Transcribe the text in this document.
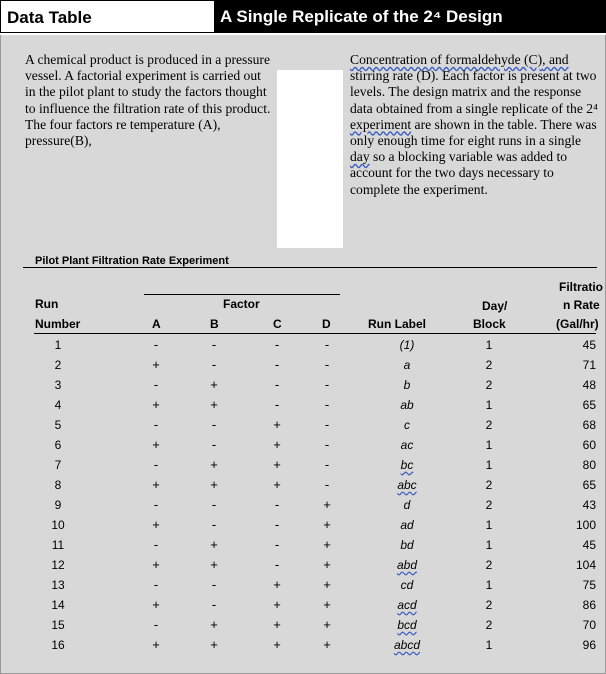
Data Table	A Single Replicate of the 2⁴ Design

A chemical product is produced in a pressure vessel. A factorial experiment is carried out in the pilot plant to study the factors thought to influence the filtration rate of this product. The four factors re temperature (A), pressure(B),

Concentration of formaldehyde (C), and stirring rate (D). Each factor is present at two levels. The design matrix and the response data obtained from a single replicate of the 2⁴ experiment are shown in the table. There was only enough time for eight runs in a single day so a blocking variable was added to account for the two days necessary to complete the experiment.

Pilot Plant Filtration Rate Experiment
Run
Number
Factor
A	B	C	D	Run Label
Day/
Block
Filtratio
n Rate
(Gal/hr)
1	-	-	-	-	(1)	1	45
2	+	-	-	-	a	2	71
3	-	+	-	-	b	2	48
4	+	+	-	-	ab	1	65
5	-	-	+	-	c	2	68
6	+	-	+	-	ac	1	60
7	-	+	+	-	bc	1	80
8	+	+	+	-	abc	2	65
9	-	-	-	+	d	2	43
10	+	-	-	+	ad	1	100
11	-	+	-	+	bd	1	45
12	+	+	-	+	abd	2	104
13	-	-	+	+	cd	1	75
14	+	-	+	+	acd	2	86
15	-	+	+	+	bcd	2	70
16	+	+	+	+	abcd	1	96
